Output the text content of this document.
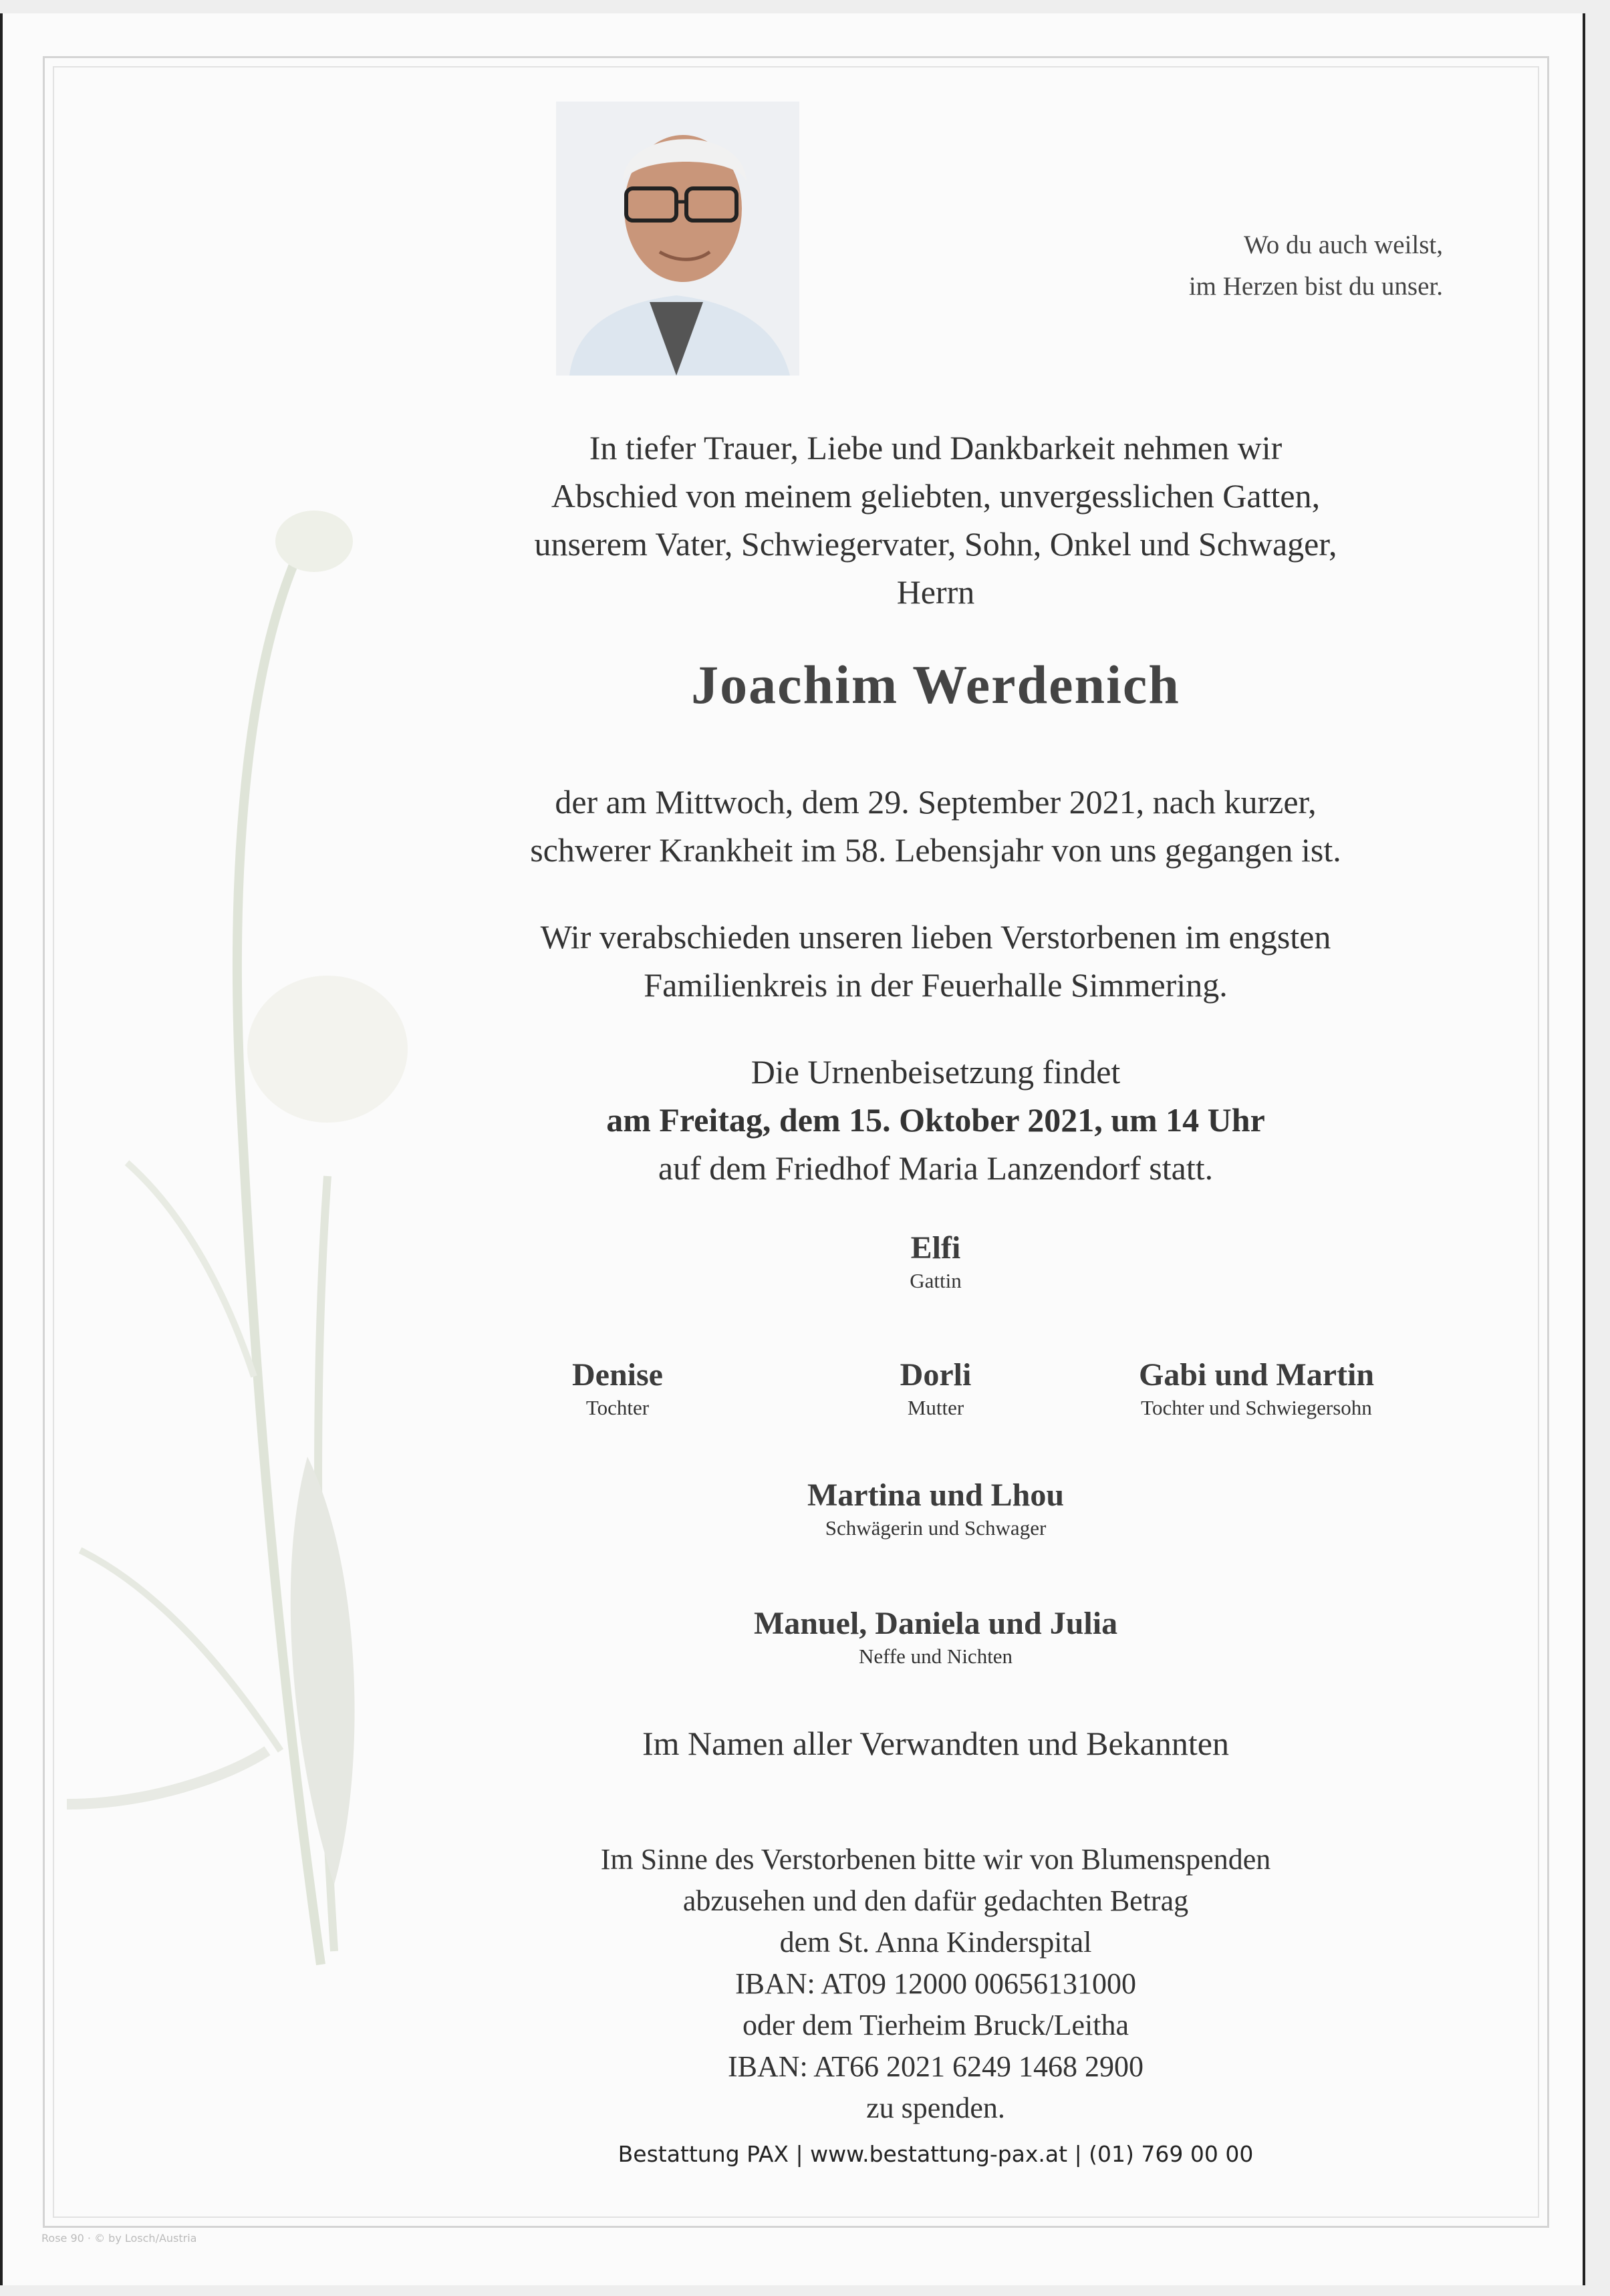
Wo du auch weilst,
im Herzen bist du unser.
In tiefer Trauer, Liebe und Dankbarkeit nehmen wir
Abschied von meinem geliebten, unvergesslichen Gatten,
unserem Vater, Schwiegervater, Sohn, Onkel und Schwager,
Herrn
Joachim Werdenich
der am Mittwoch, dem 29. September 2021, nach kurzer,
schwerer Krankheit im 58. Lebensjahr von uns gegangen ist.
Wir verabschieden unseren lieben Verstorbenen im engsten
Familienkreis in der Feuerhalle Simmering.
Die Urnenbeisetzung findet
am Freitag, dem 15. Oktober 2021, um 14 Uhr
auf dem Friedhof Maria Lanzendorf statt.
Elfi
Gattin
Denise
Tochter
Dorli
Mutter
Gabi und Martin
Tochter und Schwiegersohn
Martina und Lhou
Schwägerin und Schwager
Manuel, Daniela und Julia
Neffe und Nichten
Im Namen aller Verwandten und Bekannten
Im Sinne des Verstorbenen bitte wir von Blumenspenden
abzusehen und den dafür gedachten Betrag
dem St. Anna Kinderspital
IBAN: AT09 12000 00656131000
oder dem Tierheim Bruck/Leitha
IBAN: AT66 2021 6249 1468 2900
zu spenden.
Bestattung PAX | www.bestattung-pax.at | (01) 769 00 00
Rose 90 · © by Losch/Austria
